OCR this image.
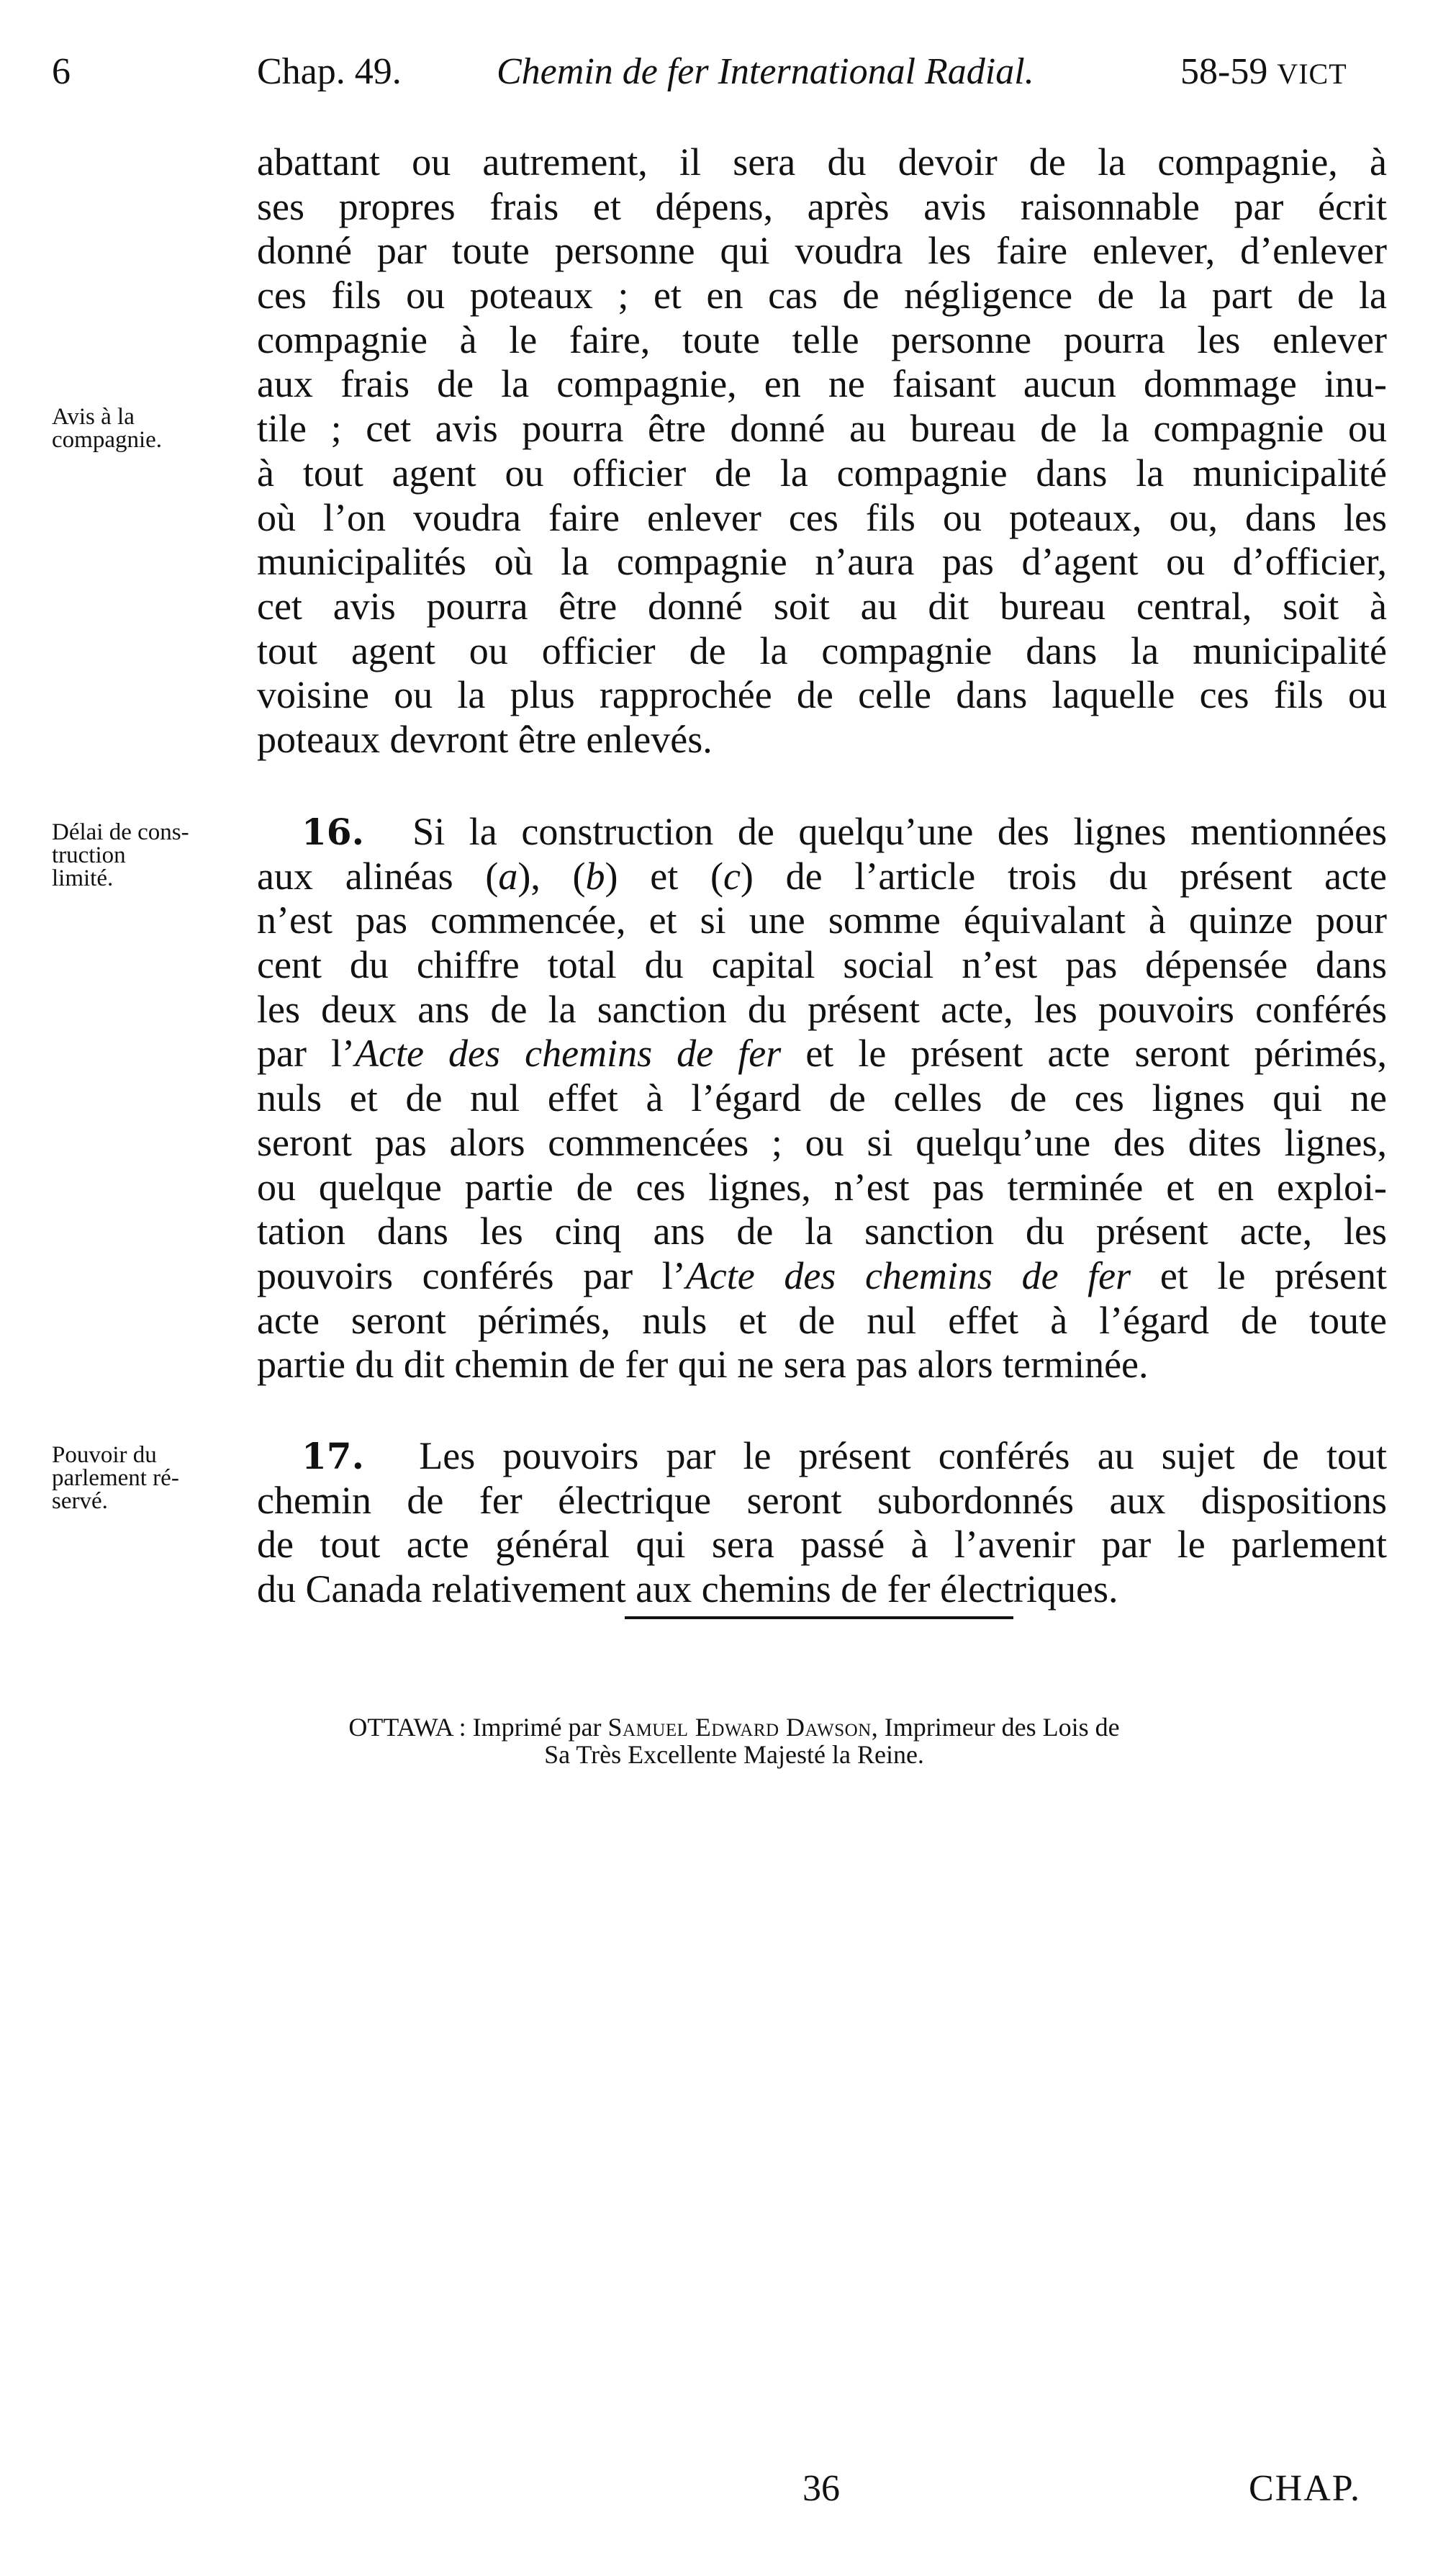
6	Chap. 49.	Chemin de fer International Radial.	58-59 VICT
abattant ou autrement, il sera du devoir de la compagnie, à
ses propres frais et dépens, après avis raisonnable par écrit
donné par toute personne qui voudra les faire enlever, d’enlever
ces fils ou poteaux ; et en cas de négligence de la part de la
compagnie à le faire, toute telle personne pourra les enlever
aux frais de la compagnie, en ne faisant aucun dommage inu-
tile ; cet avis pourra être donné au bureau de la compagnie ou
à tout agent ou officier de la compagnie dans la municipalité
où l’on voudra faire enlever ces fils ou poteaux, ou, dans les
municipalités où la compagnie n’aura pas d’agent ou d’officier,
cet avis pourra être donné soit au dit bureau central, soit à
tout agent ou officier de la compagnie dans la municipalité
voisine ou la plus rapprochée de celle dans laquelle ces fils ou
poteaux devront être enlevés.
Avis à la
compagnie.
Délai de cons-
truction
limité.
16. Si la construction de quelqu’une des lignes mentionnées
aux alinéas (a), (b) et (c) de l’article trois du présent acte
n’est pas commencée, et si une somme équivalant à quinze pour
cent du chiffre total du capital social n’est pas dépensée dans
les deux ans de la sanction du présent acte, les pouvoirs conférés
par l’Acte des chemins de fer et le présent acte seront périmés,
nuls et de nul effet à l’égard de celles de ces lignes qui ne
seront pas alors commencées ; ou si quelqu’une des dites lignes,
ou quelque partie de ces lignes, n’est pas terminée et en exploi-
tation dans les cinq ans de la sanction du présent acte, les
pouvoirs conférés par l’Acte des chemins de fer et le présent
acte seront périmés, nuls et de nul effet à l’égard de toute
partie du dit chemin de fer qui ne sera pas alors terminée.
Pouvoir du
parlement ré-
servé.
17. Les pouvoirs par le présent conférés au sujet de tout
chemin de fer électrique seront subordonnés aux dispositions
de tout acte général qui sera passé à l’avenir par le parlement
du Canada relativement aux chemins de fer électriques.
OTTAWA : Imprimé par Samuel Edward Dawson, Imprimeur des Lois de
Sa Très Excellente Majesté la Reine.
36	CHAP.
